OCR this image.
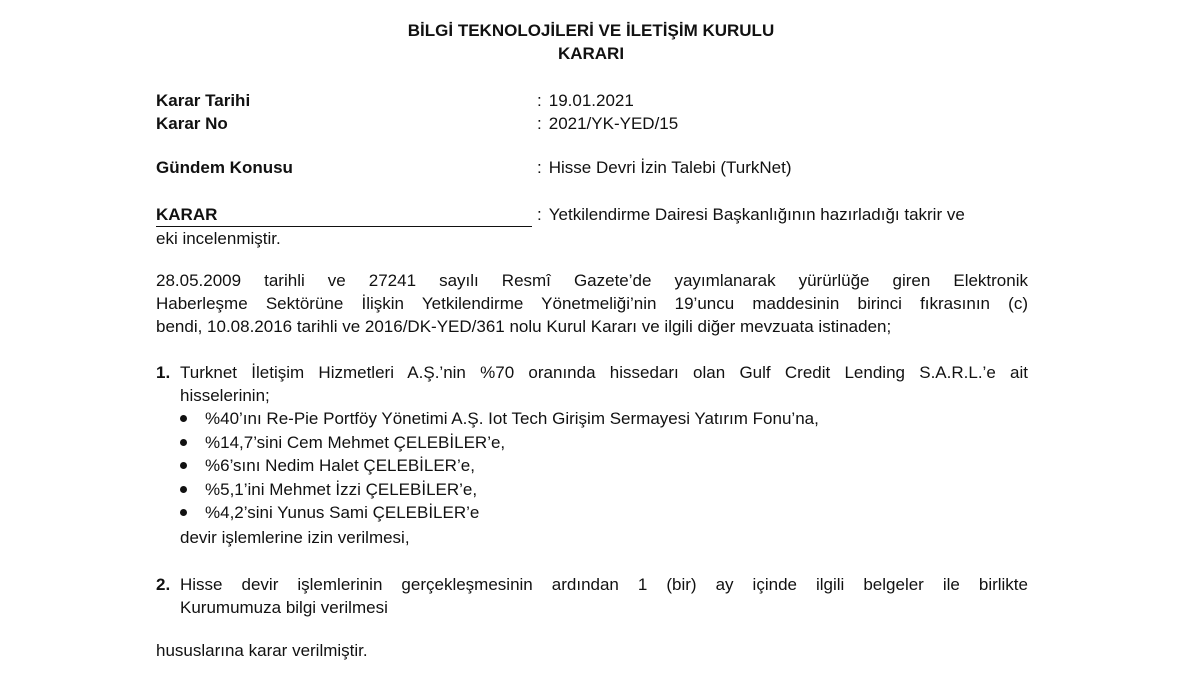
BİLGİ TEKNOLOJİLERİ VE İLETİŞİM KURULU
KARARI
Karar Tarihi	: 19.01.2021
Karar No	: 2021/YK-YED/15
Gündem Konusu	: Hisse Devri İzin Talebi (TurkNet)
KARAR	: Yetkilendirme Dairesi Başkanlığının hazırladığı takrir ve
eki incelenmiştir.
28.05.2009 tarihli ve 27241 sayılı Resmî Gazete’de yayımlanarak yürürlüğe giren Elektronik
Haberleşme Sektörüne İlişkin Yetkilendirme Yönetmeliği’nin 19’uncu maddesinin birinci fıkrasının (c)
bendi, 10.08.2016 tarihli ve 2016/DK-YED/361 nolu Kurul Kararı ve ilgili diğer mevzuata istinaden;
1. Turknet İletişim Hizmetleri A.Ş.’nin %70 oranında hissedarı olan Gulf Credit Lending S.A.R.L.’e ait
hisselerinin;
%40’ını Re-Pie Portföy Yönetimi A.Ş. Iot Tech Girişim Sermayesi Yatırım Fonu’na,
%14,7’sini Cem Mehmet ÇELEBİLER’e,
%6’sını Nedim Halet ÇELEBİLER’e,
%5,1’ini Mehmet İzzi ÇELEBİLER’e,
%4,2’sini Yunus Sami ÇELEBİLER’e
devir işlemlerine izin verilmesi,
2. Hisse devir işlemlerinin gerçekleşmesinin ardından 1 (bir) ay içinde ilgili belgeler ile birlikte
Kurumumuza bilgi verilmesi
hususlarına karar verilmiştir.
